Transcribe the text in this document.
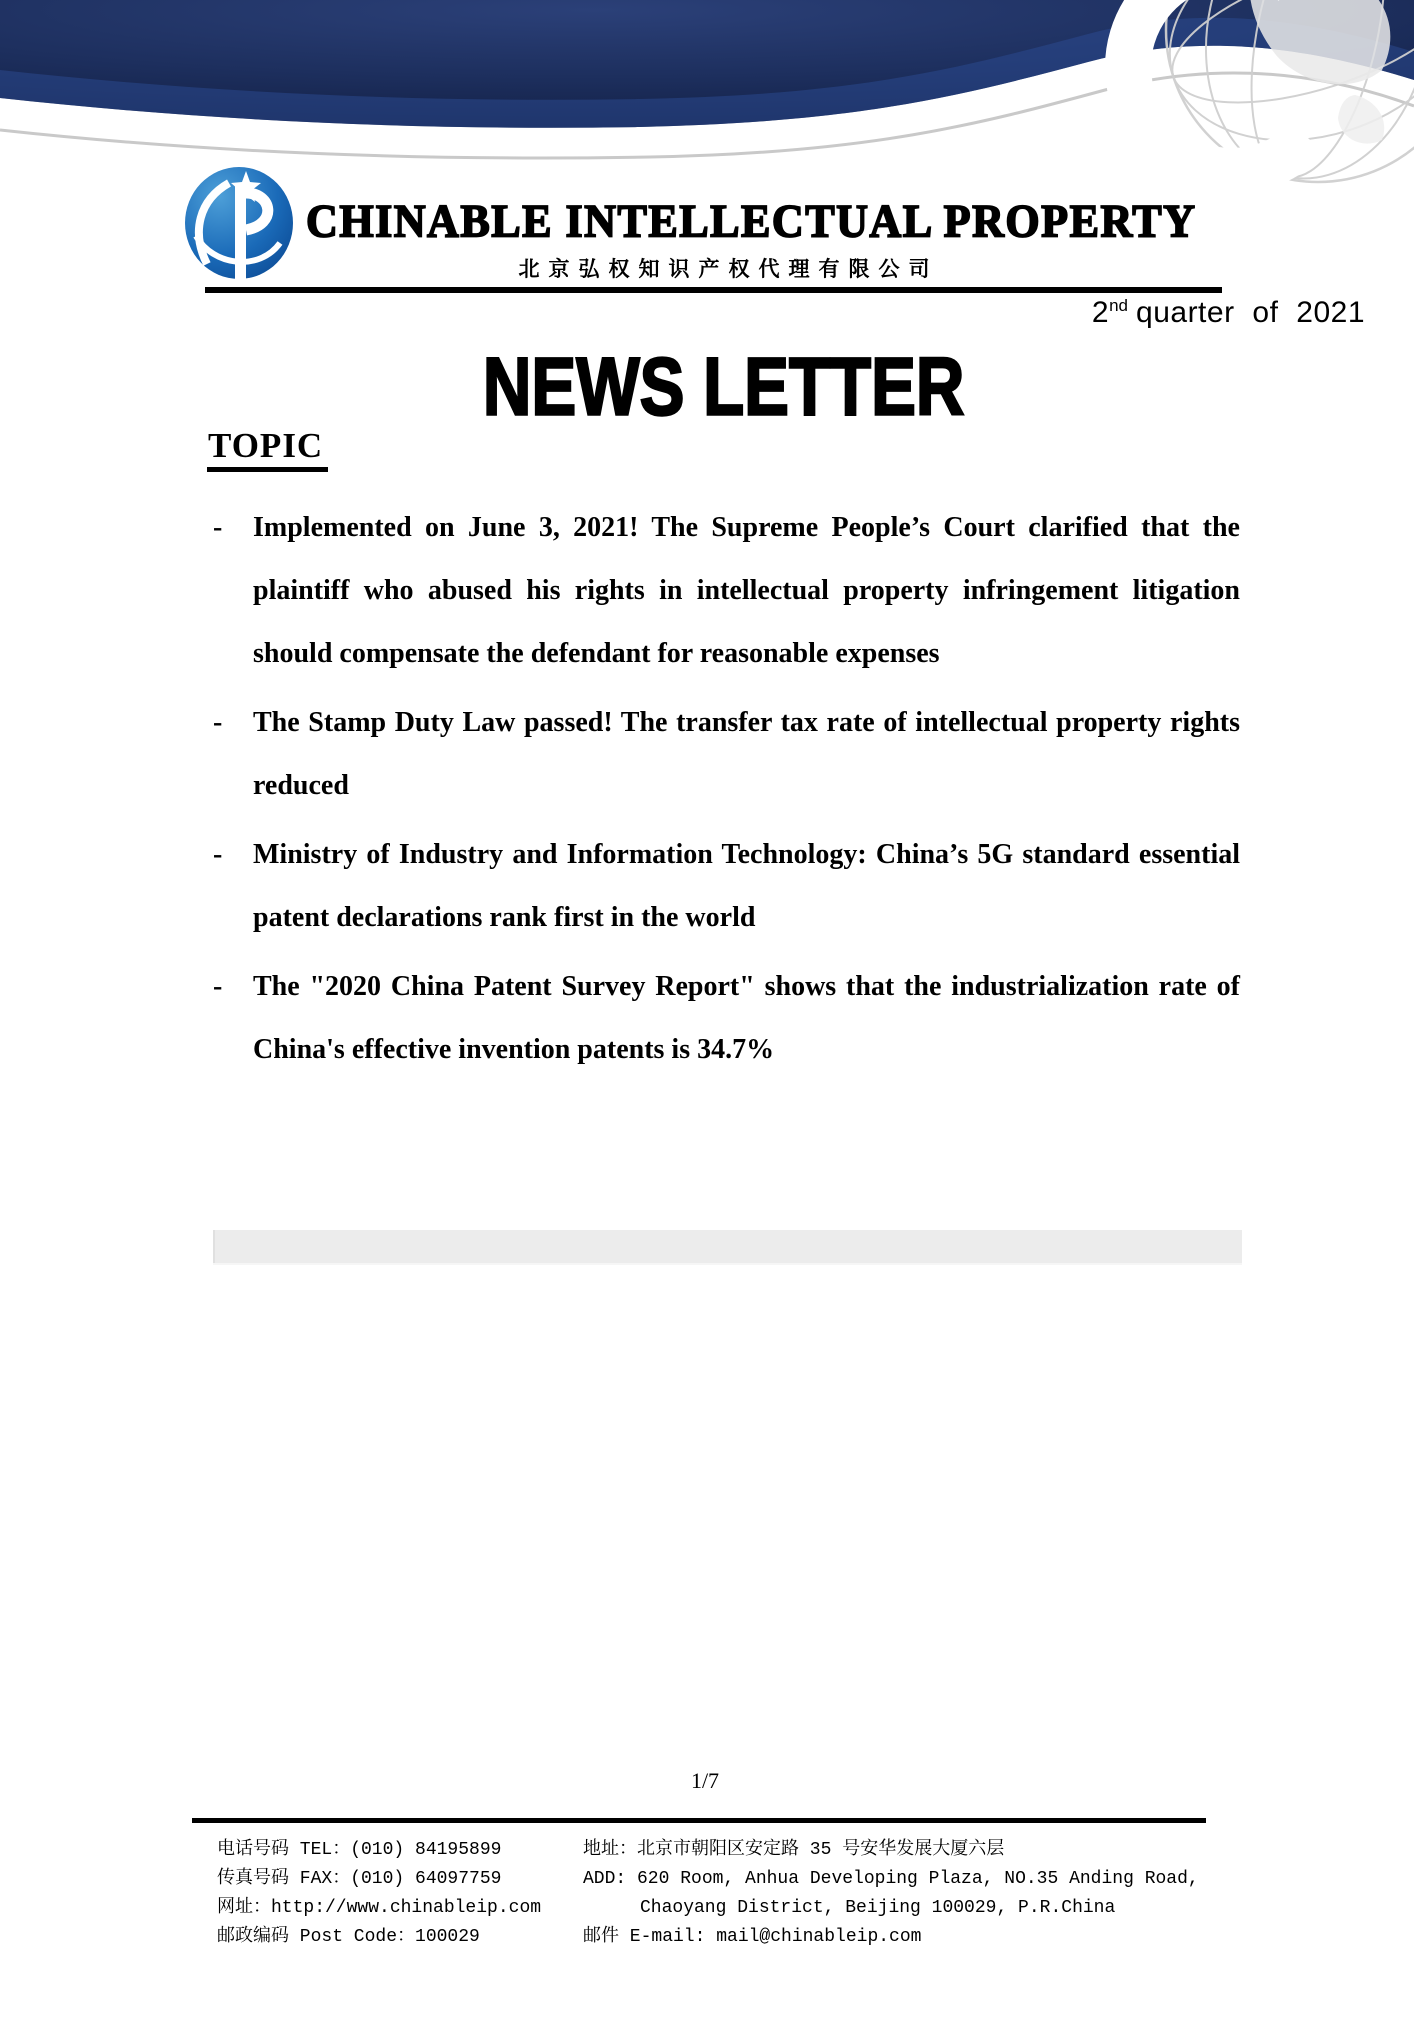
CHINABLE INTELLECTUAL PROPERTY
北京弘权知识产权代理有限公司
2nd quarter of 2021
NEWS LETTER
TOPIC
- Implemented on June 3, 2021! The Supreme People’s Court clarified that the plaintiff who abused his rights in intellectual property infringement litigation should compensate the defendant for reasonable expenses
- The Stamp Duty Law passed! The transfer tax rate of intellectual property rights reduced
- Ministry of Industry and Information Technology: China’s 5G standard essential patent declarations rank first in the world
- The "2020 China Patent Survey Report" shows that the industrialization rate of China's effective invention patents is 34.7%
1/7
电话号码 TEL：(010) 84195899
传真号码 FAX：(010) 64097759
网址：http://www.chinableip.com
邮政编码 Post Code：100029
地址：北京市朝阳区安定路 35 号安华发展大厦六层
ADD: 620 Room, Anhua Developing Plaza, NO.35 Anding Road,
Chaoyang District, Beijing 100029, P.R.China
邮件 E-mail: mail@chinableip.com
